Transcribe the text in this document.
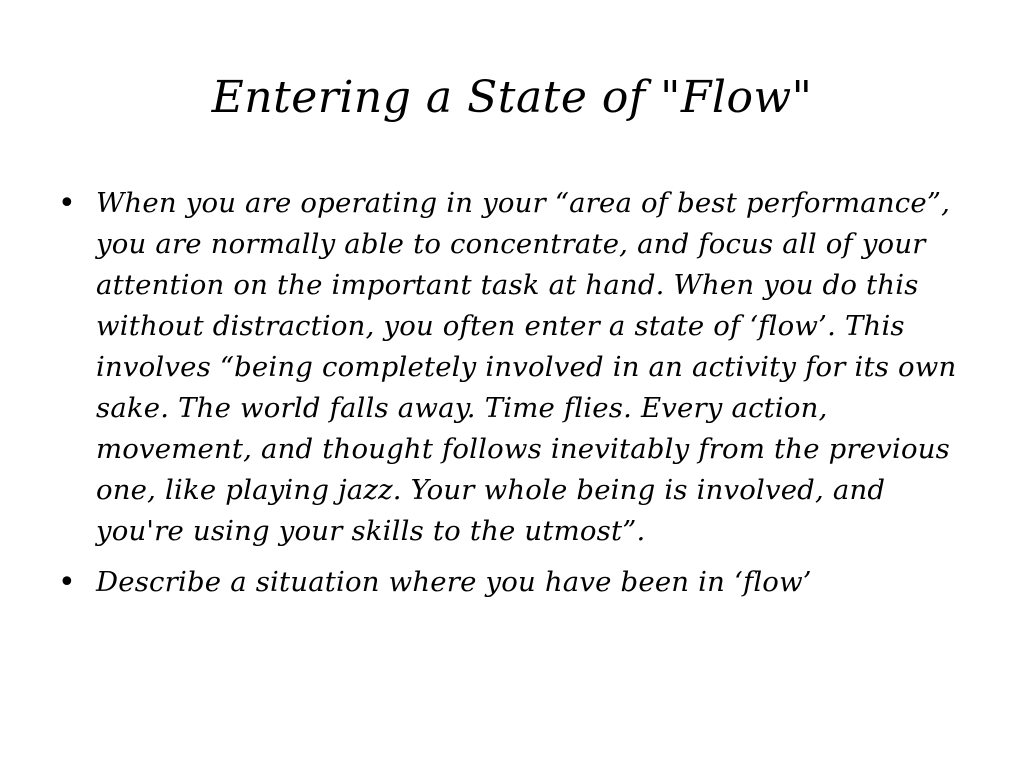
Entering a State of "Flow"
• When you are operating in your “area of best performance”, you are normally able to concentrate, and focus all of your attention on the important task at hand. When you do this without distraction, you often enter a state of ‘flow’. This involves “being completely involved in an activity for its own sake. The world falls away. Time flies. Every action, movement, and thought follows inevitably from the previous one, like playing jazz. Your whole being is involved, and you're using your skills to the utmost”.
• Describe a situation where you have been in ‘flow’
